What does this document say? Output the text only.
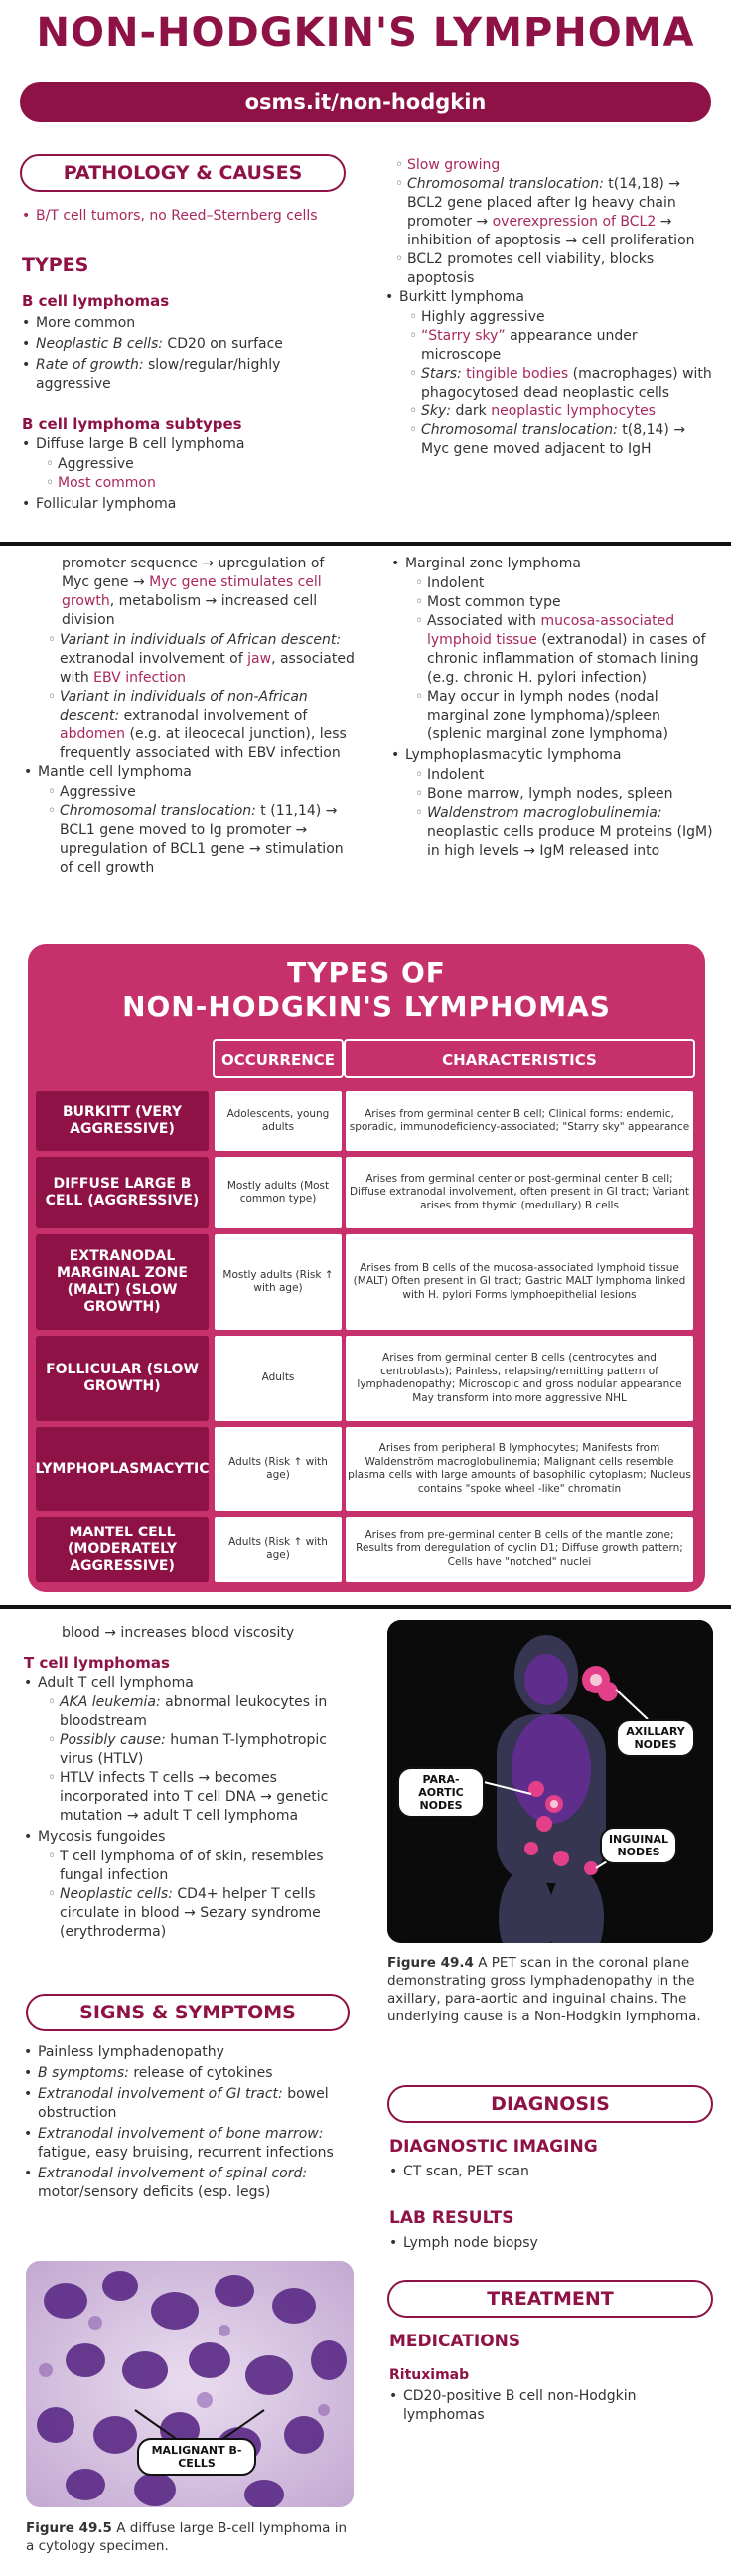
NON-HODGKIN'S LYMPHOMA
osms.it/non-hodgkin
PATHOLOGY & CAUSES
• B/T cell tumors, no Reed–Sternberg cells
TYPES
B cell lymphomas
• More common
• Neoplastic B cells: CD20 on surface
• Rate of growth: slow/regular/highly aggressive
B cell lymphoma subtypes
• Diffuse large B cell lymphoma
◦ Aggressive
◦ Most common
• Follicular lymphoma
◦ Slow growing
◦ Chromosomal translocation: t(14,18) → BCL2 gene placed after Ig heavy chain promoter → overexpression of BCL2 → inhibition of apoptosis → cell proliferation
◦ BCL2 promotes cell viability, blocks apoptosis
• Burkitt lymphoma
◦ Highly aggressive
◦ “Starry sky” appearance under microscope
◦ Stars: tingible bodies (macrophages) with phagocytosed dead neoplastic cells
◦ Sky: dark neoplastic lymphocytes
◦ Chromosomal translocation: t(8,14) → Myc gene moved adjacent to IgH
promoter sequence → upregulation of Myc gene → Myc gene stimulates cell growth, metabolism → increased cell division
◦ Variant in individuals of African descent: extranodal involvement of jaw, associated with EBV infection
◦ Variant in individuals of non-African descent: extranodal involvement of abdomen (e.g. at ileocecal junction), less frequently associated with EBV infection
• Mantle cell lymphoma
◦ Aggressive
◦ Chromosomal translocation: t (11,14) → BCL1 gene moved to Ig promoter → upregulation of BCL1 gene → stimulation of cell growth
• Marginal zone lymphoma
◦ Indolent
◦ Most common type
◦ Associated with mucosa-associated lymphoid tissue (extranodal) in cases of chronic inflammation of stomach lining (e.g. chronic H. pylori infection)
◦ May occur in lymph nodes (nodal marginal zone lymphoma)/spleen (splenic marginal zone lymphoma)
• Lymphoplasmacytic lymphoma
◦ Indolent
◦ Bone marrow, lymph nodes, spleen
◦ Waldenstrom macroglobulinemia: neoplastic cells produce M proteins (IgM) in high levels → IgM released into
TYPES OF
NON-HODGKIN'S LYMPHOMAS
OCCURRENCE	CHARACTERISTICS
BURKITT (VERY AGGRESSIVE)
Adolescents, young adults
Arises from germinal center B cell; Clinical forms: endemic, sporadic, immunodeficiency-associated; "Starry sky" appearance
DIFFUSE LARGE B CELL (AGGRESSIVE)
Mostly adults (Most common type)
Arises from germinal center or post-germinal center B cell; Diffuse extranodal involvement, often present in GI tract; Variant arises from thymic (medullary) B cells
EXTRANODAL MARGINAL ZONE (MALT) (SLOW GROWTH)
Mostly adults (Risk ↑ with age)
Arises from B cells of the mucosa-associated lymphoid tissue (MALT) Often present in GI tract; Gastric MALT lymphoma linked with H. pylori Forms lymphoepithelial lesions
FOLLICULAR (SLOW GROWTH)
Adults
Arises from germinal center B cells (centrocytes and centroblasts); Painless, relapsing/remitting pattern of lymphadenopathy; Microscopic and gross nodular appearance May transform into more aggressive NHL
LYMPHOPLASMACYTIC	Adults (Risk ↑ with age)
Arises from peripheral B lymphocytes; Manifests from Waldenström macroglobulinemia; Malignant cells resemble plasma cells with large amounts of basophilic cytoplasm; Nucleus contains "spoke wheel -like" chromatin
MANTEL CELL (MODERATELY AGGRESSIVE)
Adults (Risk ↑ with age)
Arises from pre-germinal center B cells of the mantle zone; Results from deregulation of cyclin D1; Diffuse growth pattern; Cells have "notched" nuclei
blood → increases blood viscosity
T cell lymphomas
• Adult T cell lymphoma
◦ AKA leukemia: abnormal leukocytes in bloodstream
◦ Possibly cause: human T-lymphotropic virus (HTLV)
◦ HTLV infects T cells → becomes incorporated into T cell DNA → genetic mutation → adult T cell lymphoma
• Mycosis fungoides
◦ T cell lymphoma of of skin, resembles fungal infection
◦ Neoplastic cells: CD4+ helper T cells circulate in blood → Sezary syndrome (erythroderma)
SIGNS & SYMPTOMS
• Painless lymphadenopathy
• B symptoms: release of cytokines
• Extranodal involvement of GI tract: bowel obstruction
• Extranodal involvement of bone marrow: fatigue, easy bruising, recurrent infections
• Extranodal involvement of spinal cord: motor/sensory deficits (esp. legs)
MALIGNANT B-CELLS
Figure 49.5 A diffuse large B-cell lymphoma in a cytology specimen.
AXILLARY NODES
PARA-AORTIC NODES
INGUINAL NODES
Figure 49.4 A PET scan in the coronal plane demonstrating gross lymphadenopathy in the axillary, para-aortic and inguinal chains. The underlying cause is a Non-Hodgkin lymphoma.
DIAGNOSIS
DIAGNOSTIC IMAGING
• CT scan, PET scan
LAB RESULTS
• Lymph node biopsy
TREATMENT
MEDICATIONS
Rituximab
• CD20-positive B cell non-Hodgkin lymphomas
